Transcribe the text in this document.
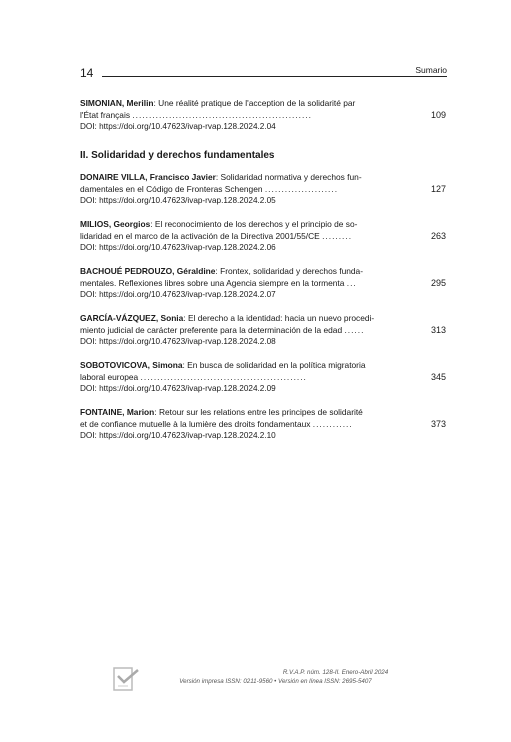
14	Sumario
SIMONIAN, Merilin: Une réalité pratique de l'acception de la solidarité par
l'État français ......................................................	109
DOI: https://doi.org/10.47623/ivap-rvap.128.2024.2.04
II. Solidaridad y derechos fundamentales
DONAIRE VILLA, Francisco Javier: Solidaridad normativa y derechos fun-
damentales en el Código de Fronteras Schengen ......................	127
DOI: https://doi.org/10.47623/ivap-rvap.128.2024.2.05
MILIOS, Georgios: El reconocimiento de los derechos y el principio de so-
lidaridad en el marco de la activación de la Directiva 2001/55/CE .........	263
DOI: https://doi.org/10.47623/ivap-rvap.128.2024.2.06
BACHOUÉ PEDROUZO, Géraldine: Frontex, solidaridad y derechos funda-
mentales. Reflexiones libres sobre una Agencia siempre en la tormenta ...	295
DOI: https://doi.org/10.47623/ivap-rvap.128.2024.2.07
GARCÍA-VÁZQUEZ, Sonia: El derecho a la identidad: hacia un nuevo procedi-
miento judicial de carácter preferente para la determinación de la edad ......	313
DOI: https://doi.org/10.47623/ivap-rvap.128.2024.2.08
SOBOTOVICOVA, Simona: En busca de solidaridad en la política migratoria
laboral europea ..................................................	345
DOI: https://doi.org/10.47623/ivap-rvap.128.2024.2.09
FONTAINE, Marion: Retour sur les relations entre les principes de solidarité
et de confiance mutuelle à la lumière des droits fondamentaux ............	373
DOI: https://doi.org/10.47623/ivap-rvap.128.2024.2.10
R.V.A.P. núm. 128-II. Enero-Abril 2024
Versión impresa ISSN: 0211-9560 • Versión en línea ISSN: 2695-5407
